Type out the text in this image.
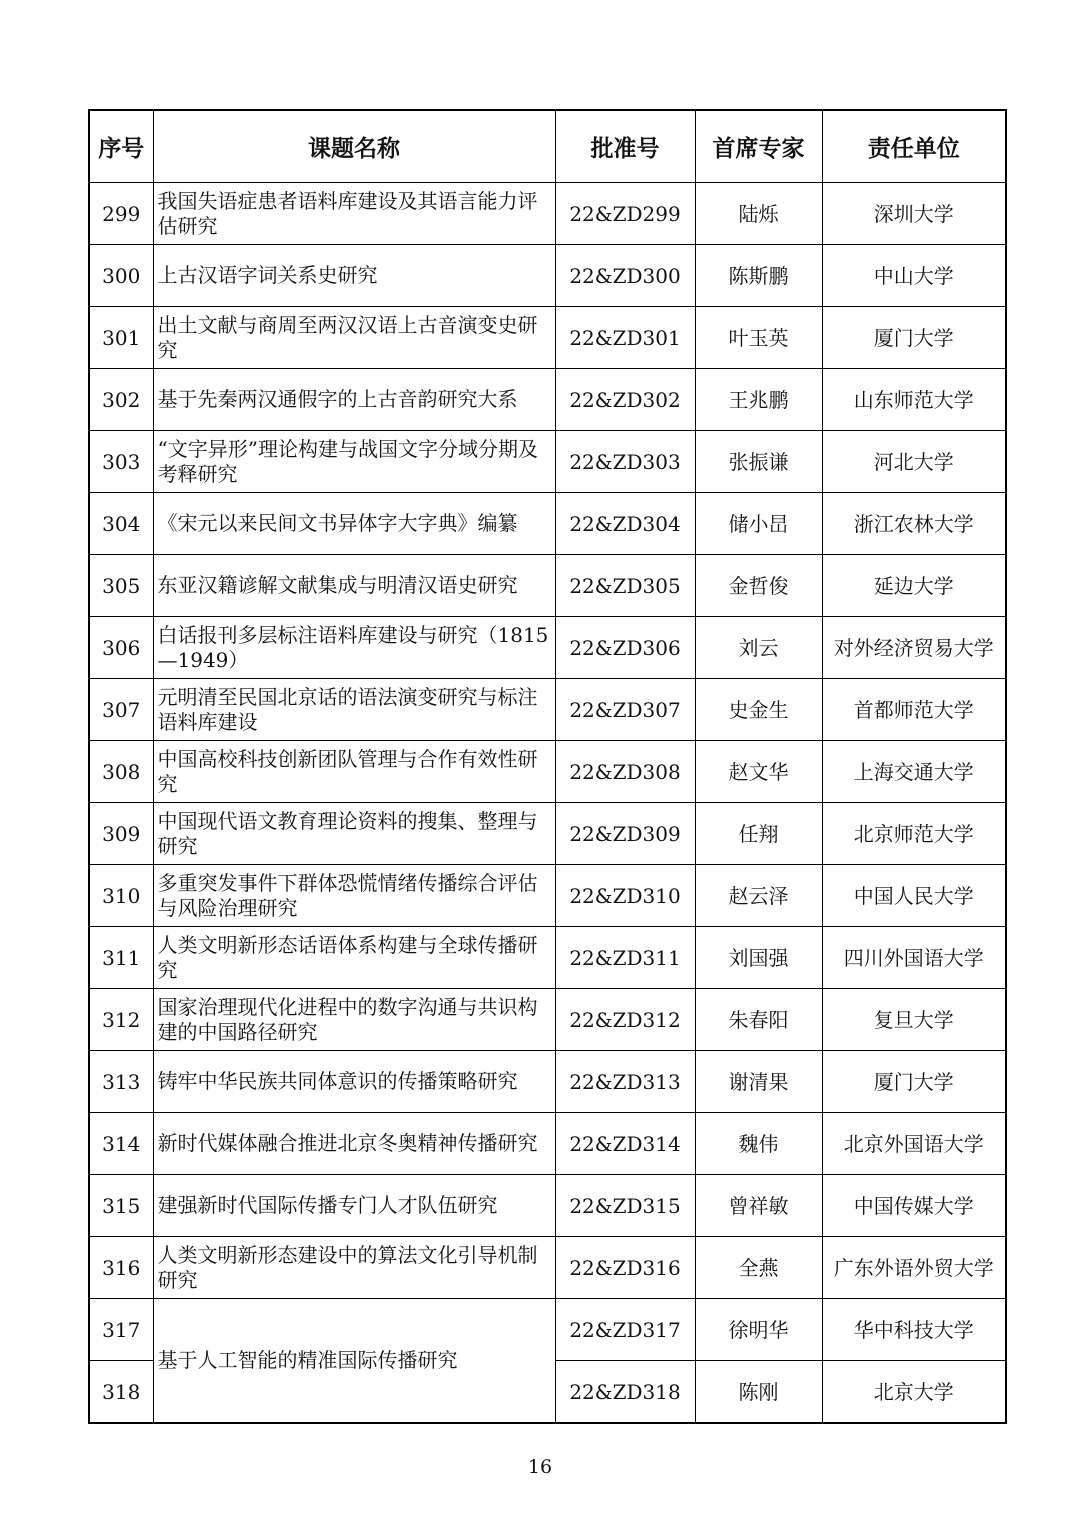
序号	课题名称	批准号	首席专家	责任单位
299	我国失语症患者语料库建设及其语言能力评估研究	22&ZD299	陆烁	深圳大学
300	上古汉语字词关系史研究	22&ZD300	陈斯鹏	中山大学
301	出土文献与商周至两汉汉语上古音演变史研究	22&ZD301	叶玉英	厦门大学
302	基于先秦两汉通假字的上古音韵研究大系	22&ZD302	王兆鹏	山东师范大学
303	“文字异形”理论构建与战国文字分域分期及考释研究	22&ZD303	张振谦	河北大学
304	《宋元以来民间文书异体字大字典》编纂	22&ZD304	储小旵	浙江农林大学
305	东亚汉籍谚解文献集成与明清汉语史研究	22&ZD305	金哲俊	延边大学
306	白话报刊多层标注语料库建设与研究（1815—1949）	22&ZD306	刘云	对外经济贸易大学
307	元明清至民国北京话的语法演变研究与标注语料库建设	22&ZD307	史金生	首都师范大学
308	中国高校科技创新团队管理与合作有效性研究	22&ZD308	赵文华	上海交通大学
309	中国现代语文教育理论资料的搜集、整理与研究	22&ZD309	任翔	北京师范大学
310	多重突发事件下群体恐慌情绪传播综合评估与风险治理研究	22&ZD310	赵云泽	中国人民大学
311	人类文明新形态话语体系构建与全球传播研究	22&ZD311	刘国强	四川外国语大学
312	国家治理现代化进程中的数字沟通与共识构建的中国路径研究	22&ZD312	朱春阳	复旦大学
313	铸牢中华民族共同体意识的传播策略研究	22&ZD313	谢清果	厦门大学
314	新时代媒体融合推进北京冬奥精神传播研究	22&ZD314	魏伟	北京外国语大学
315	建强新时代国际传播专门人才队伍研究	22&ZD315	曾祥敏	中国传媒大学
316	人类文明新形态建设中的算法文化引导机制研究	22&ZD316	全燕	广东外语外贸大学
317	基于人工智能的精准国际传播研究	22&ZD317	徐明华	华中科技大学
318		22&ZD318	陈刚	北京大学
16
